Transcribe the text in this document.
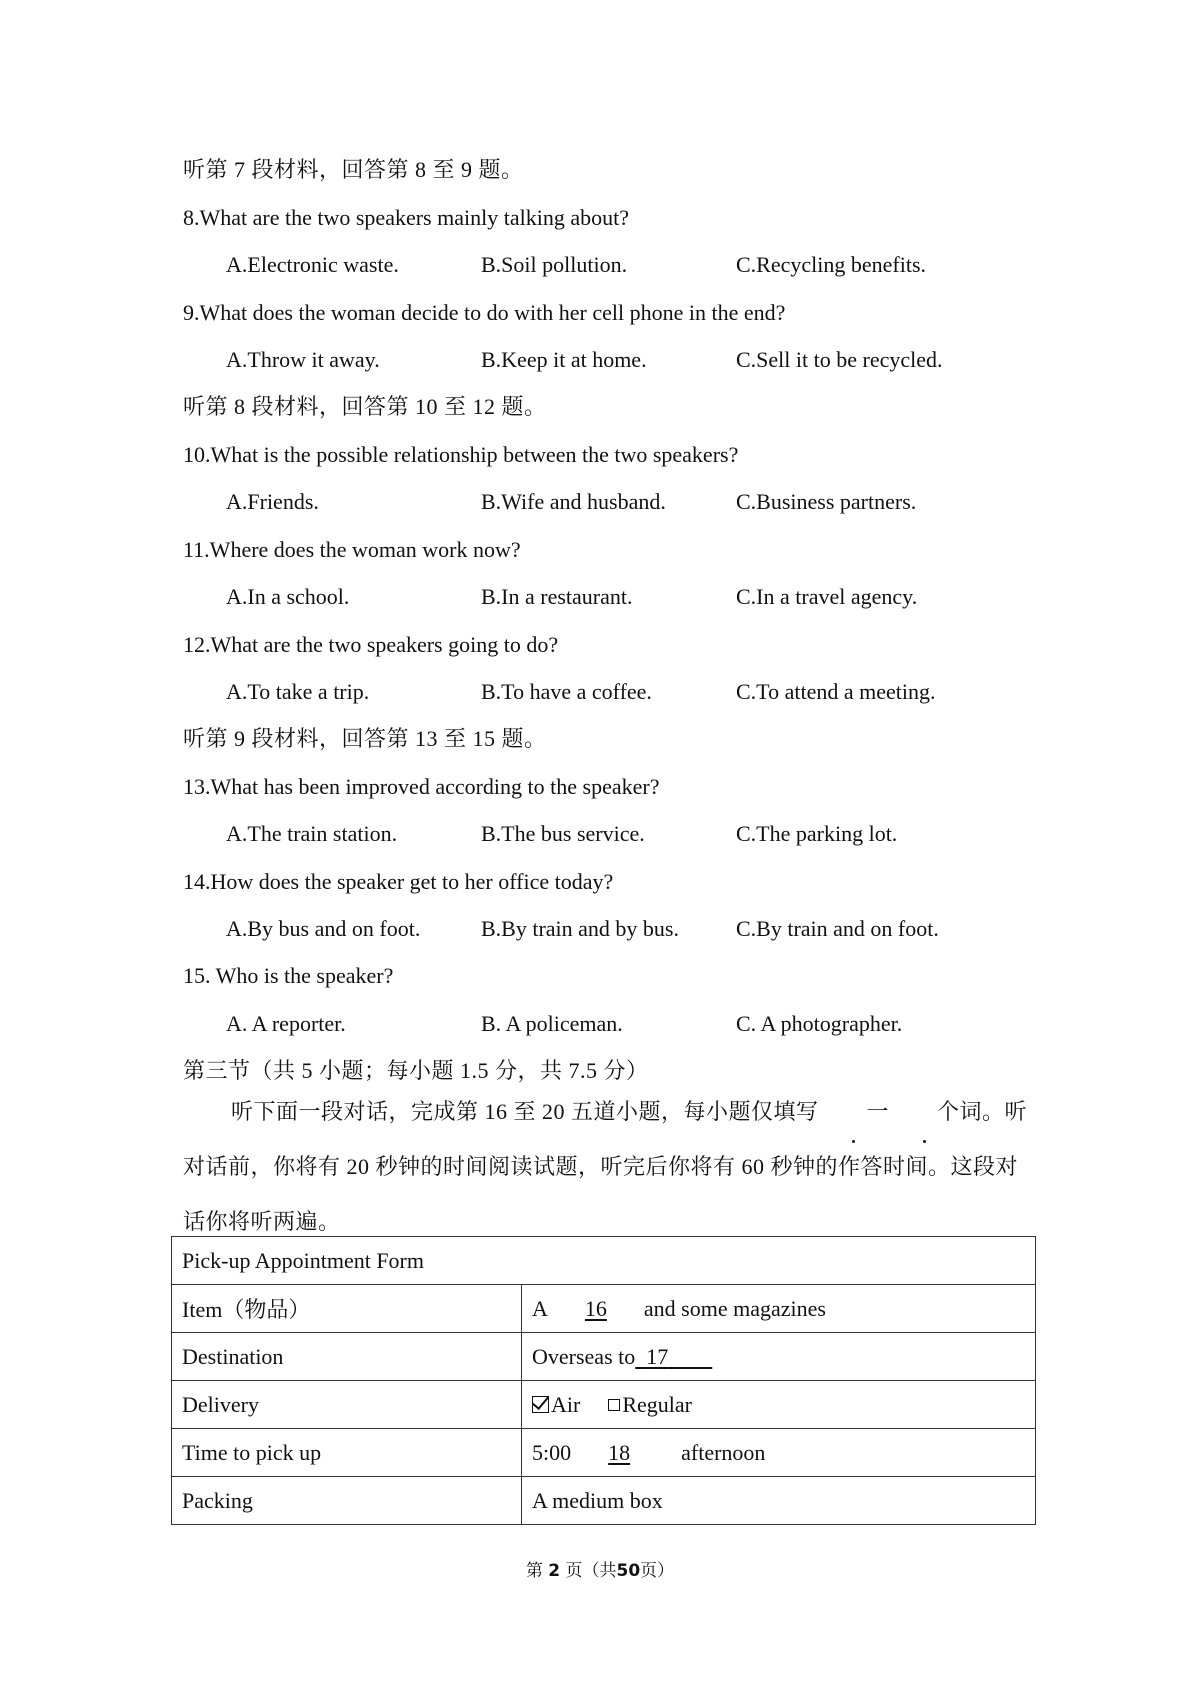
听第 7 段材料，回答第 8 至 9 题。
8.What are the two speakers mainly talking about?
A.Electronic waste.	B.Soil pollution.	C.Recycling benefits.
9.What does the woman decide to do with her cell phone in the end?
A.Throw it away.	B.Keep it at home.	C.Sell it to be recycled.
听第 8 段材料，回答第 10 至 12 题。
10.What is the possible relationship between the two speakers?
A.Friends.	B.Wife and husband.	C.Business partners.
11.Where does the woman work now?
A.In a school.	B.In a restaurant.	C.In a travel agency.
12.What are the two speakers going to do?
A.To take a trip.	B.To have a coffee.	C.To attend a meeting.
听第 9 段材料，回答第 13 至 15 题。
13.What has been improved according to the speaker?
A.The train station.	B.The bus service.	C.The parking lot.
14.How does the speaker get to her office today?
A.By bus and on foot.	B.By train and by bus.	C.By train and on foot.
15. Who is the speaker?
A. A reporter.	B. A policeman.	C. A photographer.
第三节（共 5 小题；每小题 1.5 分，共 7.5 分）
听下面一段对话，完成第 16 至 20 五道小题，每小题仅填写 一 个词。听对话前，你将有 20 秒钟的时间阅读试题，听完后你将有 60 秒钟的作答时间。这段对话你将听两遍。
Pick-up Appointment Form	
Item（物品）	A 16 and some magazines
Destination	Overseas to 17
Delivery	Air Regular
Time to pick up	5:00 18 afternoon
Packing	A medium box
第 2 页（共50页）
